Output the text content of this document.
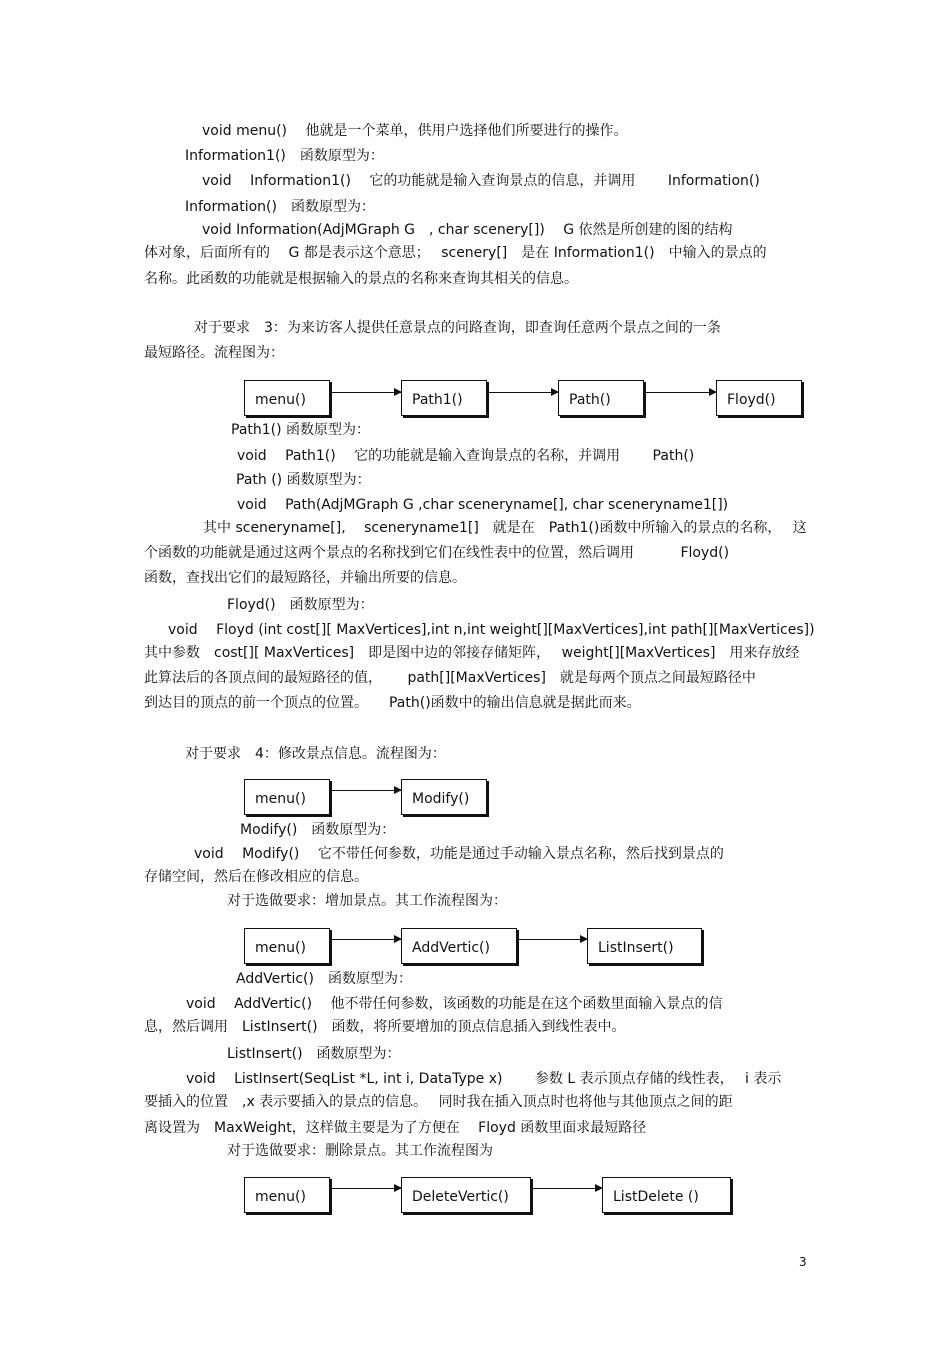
void menu()　 他就是一个菜单，供用户选择他们所要进行的操作。
Information1()　函数原型为：
void　 Information1()　 它的功能就是输入查询景点的信息，并调用　　 Information()
Information()　函数原型为：
void Information(AdjMGraph G　, char scenery[])　 G 依然是所创建的图的结构
体对象，后面所有的　 G 都是表示这个意思；　 scenery[]　是在 Information1()　中输入的景点的
名称。此函数的功能就是根据输入的景点的名称来查询其相关的信息。
对于要求　3：为来访客人提供任意景点的问路查询，即查询任意两个景点之间的一条
最短路径。流程图为：
menu()	Path1()	Path()	Floyd()
Path1() 函数原型为：
void　 Path1()　 它的功能就是输入查询景点的名称，并调用　　 Path()
Path () 函数原型为：
void　 Path(AdjMGraph G ,char sceneryname[], char sceneryname1[])
其中 sceneryname[],　 sceneryname1[]　就是在　Path1()函数中所输入的景点的名称，　 这
个函数的功能就是通过这两个景点的名称找到它们在线性表中的位置，然后调用　　　 Floyd()
函数，查找出它们的最短路径，并输出所要的信息。
Floyd()　函数原型为：
void　 Floyd (int cost[][ MaxVertices],int n,int weight[][MaxVertices],int path[][MaxVertices])
其中参数　cost[][ MaxVertices]　即是图中边的邻接存储矩阵，　 weight[][MaxVertices]　用来存放经
此算法后的各顶点间的最短路径的值，　　 path[][MaxVertices]　就是每两个顶点之间最短路径中
到达目的顶点的前一个顶点的位置。　　Path()函数中的输出信息就是据此而来。
对于要求　4：修改景点信息。流程图为：
menu()	Modify()
Modify()　函数原型为：
void　 Modify()　 它不带任何参数，功能是通过手动输入景点名称，然后找到景点的
存储空间，然后在修改相应的信息。
对于选做要求：增加景点。其工作流程图为：
menu()	AddVertic()	ListInsert()
AddVertic()　函数原型为：
void　 AddVertic()　 他不带任何参数，该函数的功能是在这个函数里面输入景点的信
息，然后调用　ListInsert()　函数，将所要增加的顶点信息插入到线性表中。
ListInsert()　函数原型为：
void　 ListInsert(SeqList *L, int i, DataType x)　　 参数 L 表示顶点存储的线性表，　 i 表示
要插入的位置　,x 表示要插入的景点的信息。　 同时我在插入顶点时也将他与其他顶点之间的距
离设置为　MaxWeight，这样做主要是为了方便在　 Floyd 函数里面求最短路径
对于选做要求：删除景点。其工作流程图为
menu()	DeleteVertic()	ListDelete ()
3
